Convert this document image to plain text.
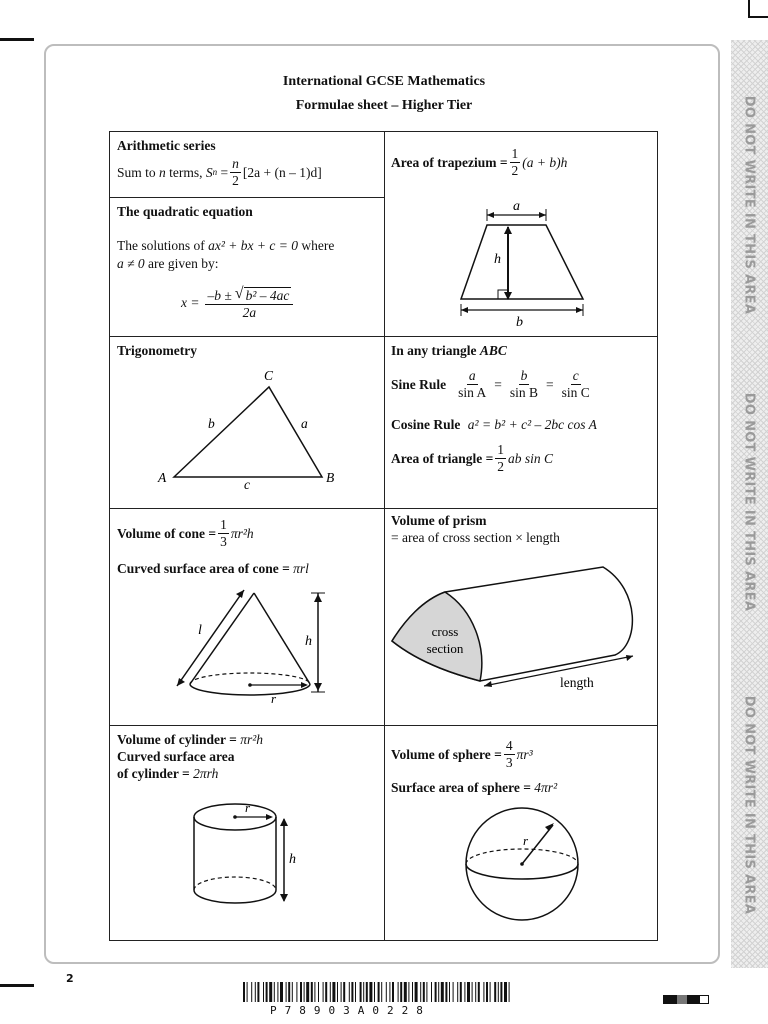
DO NOT WRITE IN THIS AREA
DO NOT WRITE IN THIS AREA
DO NOT WRITE IN THIS AREA
International GCSE Mathematics
Formulae sheet – Higher Tier
Arithmetic series
Sum to
n
terms,
S n
= $\frac{n}{2} [2a + (n - 1)d]$
Area of trapezium = $\frac{1}{2} (a + b)h$
a
h
b
The quadratic equation
The solutions of ax² + bx + c = 0 where
a ≠ 0 are given by:
$x = \frac{\text{–b ± √ b² – 4ac}}{2a}$
Trigonometry
C
A	B
b	a
c
In any triangle ABC
Sine Rule $\frac{a}{\text{sin A}} = \frac{b}{\text{sin B}} = \frac{c}{\text{sin C}}$
Cosine Rule a² = b² + c² – 2bc cos A
Area of triangle = $\frac{1}{2}$ ab sin C
Volume of cone = $\frac{1}{3} \pi r^2h$
Curved surface area of cone = πrl
r
l
h
Volume of prism
= area of cross section × length
cross
section
length
Volume of cylinder = πr²h
Curved surface area
of cylinder = 2πrh
r
h
Volume of sphere = $\frac{4}{3} \pi r^3$
Surface area of sphere = 4πr²
r
2
P78903A0228
